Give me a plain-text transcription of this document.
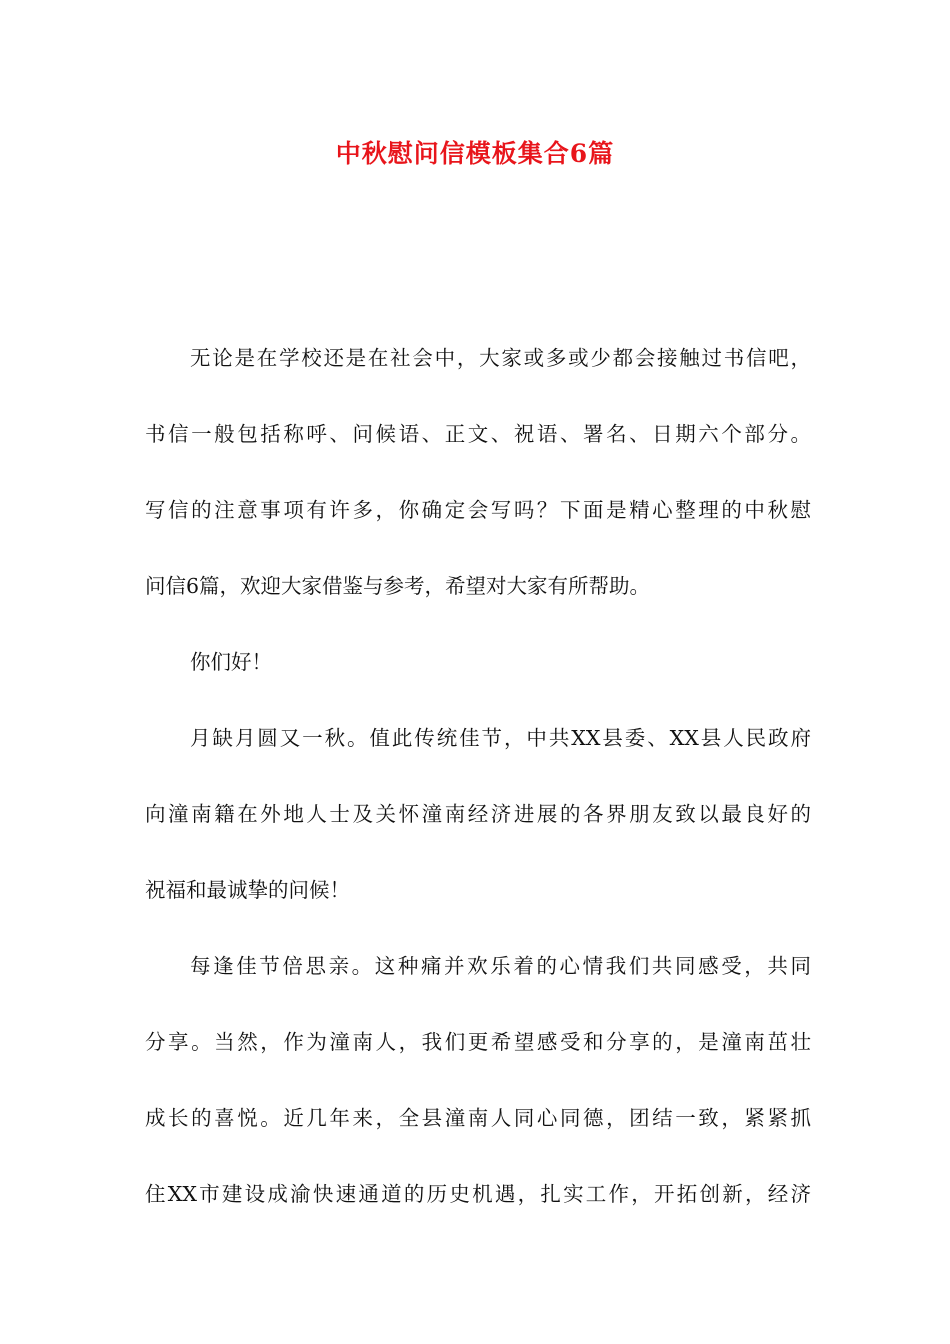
中秋慰问信模板集合6篇
无论是在学校还是在社会中，大家或多或少都会接触过书信吧，
书信一般包括称呼、问候语、正文、祝语、署名、日期六个部分。
写信的注意事项有许多，你确定会写吗？下面是精心整理的中秋慰
问信6篇，欢迎大家借鉴与参考，希望对大家有所帮助。
你们好！
月缺月圆又一秋。值此传统佳节，中共XX县委、XX县人民政府
向潼南籍在外地人士及关怀潼南经济进展的各界朋友致以最良好的
祝福和最诚挚的问候！
每逢佳节倍思亲。这种痛并欢乐着的心情我们共同感受，共同
分享。当然，作为潼南人，我们更希望感受和分享的，是潼南茁壮
成长的喜悦。近几年来，全县潼南人同心同德，团结一致，紧紧抓
住XX市建设成渝快速通道的历史机遇，扎实工作，开拓创新，经济
